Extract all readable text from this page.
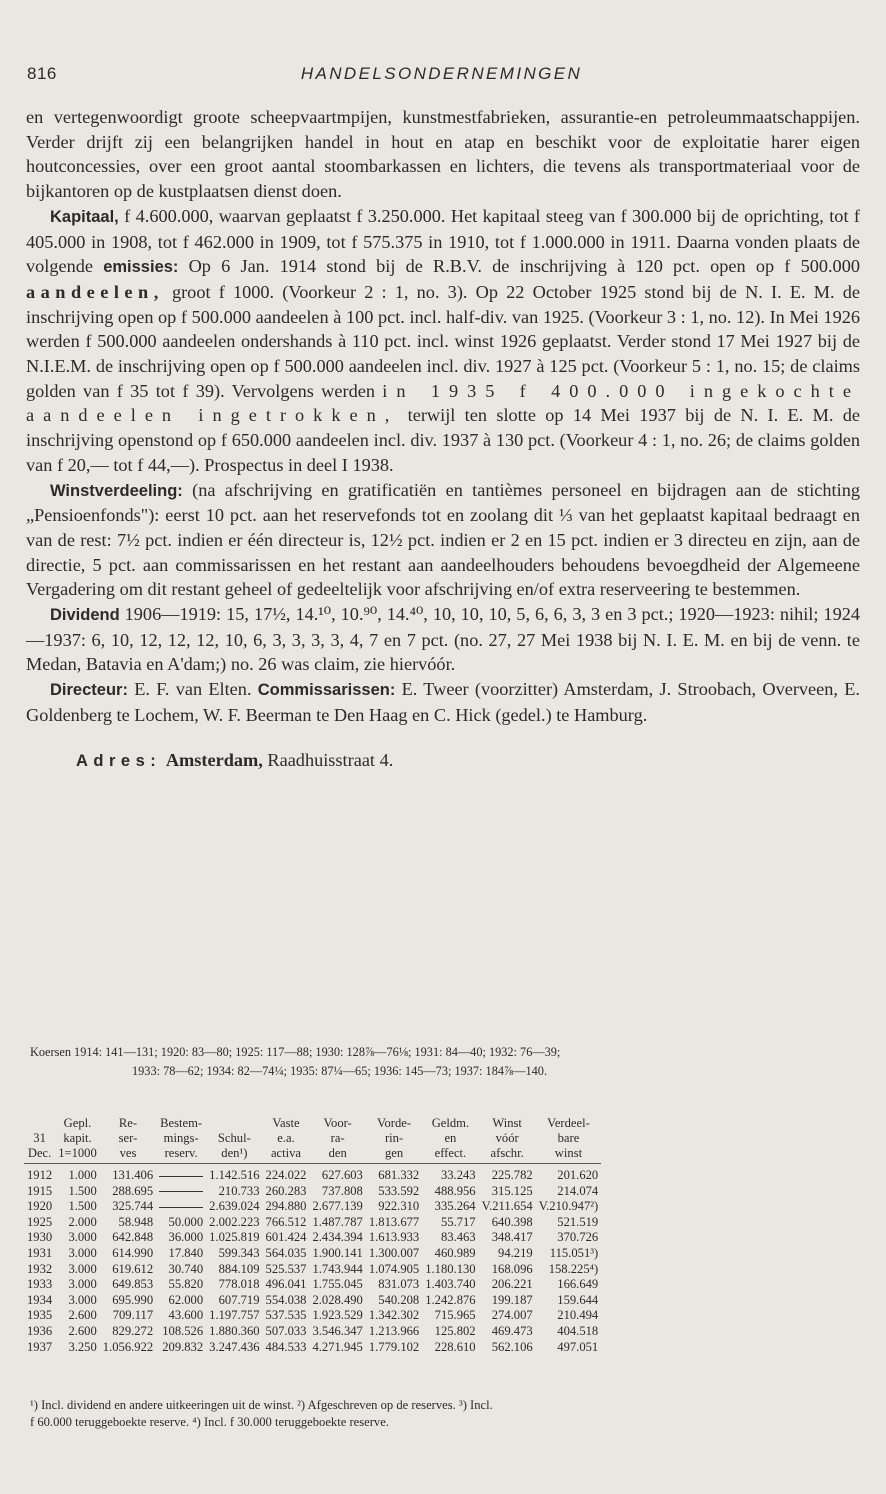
816	HANDELSONDERNEMINGEN

en vertegenwoordigt groote scheepvaartmpijen, kunstmestfabrieken, assurantie-en petroleummaatschappijen. Verder drijft zij een belangrijken handel in hout en atap en beschikt voor de exploitatie harer eigen houtconcessies, over een groot aantal stoombarkassen en lichters, die tevens als transportmateriaal voor de bijkantoren op de kustplaatsen dienst doen.

Kapitaal, f 4.600.000, waarvan geplaatst f 3.250.000. Het kapitaal steeg van f 300.000 bij de oprichting, tot f 405.000 in 1908, tot f 462.000 in 1909, tot f 575.375 in 1910, tot f 1.000.000 in 1911. Daarna vonden plaats de volgende emissies: Op 6 Jan. 1914 stond bij de R.B.V. de inschrijving à 120 pct. open op f 500.000 aandeelen, groot f 1000. (Voorkeur 2 : 1, no. 3). Op 22 October 1925 stond bij de N. I. E. M. de inschrijving open op f 500.000 aandeelen à 100 pct. incl. half-div. van 1925. (Voorkeur 3 : 1, no. 12). In Mei 1926 werden f 500.000 aandeelen ondershands à 110 pct. incl. winst 1926 geplaatst. Verder stond 17 Mei 1927 bij de N.I.E.M. de inschrijving open op f 500.000 aandeelen incl. div. 1927 à 125 pct. (Voorkeur 5 : 1, no. 15; de claims golden van f 35 tot f 39). Vervolgens werden in 1935 f 400.000 ingekochte aandeelen ingetrokken, terwijl ten slotte op 14 Mei 1937 bij de N. I. E. M. de inschrijving openstond op f 650.000 aandeelen incl. div. 1937 à 130 pct. (Voorkeur 4 : 1, no. 26; de claims golden van f 20,— tot f 44,—). Prospectus in deel I 1938.

Winstverdeeling: (na afschrijving en gratificatiën en tantièmes personeel en bijdragen aan de stichting „Pensioenfonds"): eerst 10 pct. aan het reservefonds tot en zoolang dit ⅓ van het geplaatst kapitaal bedraagt en van de rest: 7½ pct. indien er één directeur is, 12½ pct. indien er 2 en 15 pct. indien er 3 directeu en zijn, aan de directie, 5 pct. aan commissarissen en het restant aan aandeelhouders behoudens bevoegdheid der Algemeene Vergadering om dit restant geheel of gedeeltelijk voor afschrijving en/of extra reserveering te bestemmen.

Dividend 1906—1919: 15, 17½, 14.¹⁰, 10.⁹⁰, 14.⁴⁰, 10, 10, 10, 5, 6, 6, 3, 3 en 3 pct.; 1920—1923: nihil; 1924—1937: 6, 10, 12, 12, 12, 10, 6, 3, 3, 3, 3, 4, 7 en 7 pct. (no. 27, 27 Mei 1938 bij N. I. E. M. en bij de venn. te Medan, Batavia en A'dam;) no. 26 was claim, zie hiervóór.

Directeur: E. F. van Elten. Commissarissen: E. Tweer (voorzitter) Amsterdam, J. Stroobach, Overveen, E. Goldenberg te Lochem, W. F. Beerman te Den Haag en C. Hick (gedel.) te Hamburg.

Adres: Amsterdam, Raadhuisstraat 4.

Koersen 1914: 141—131; 1920: 83—80; 1925: 117—88; 1930: 128⅞—76⅛; 1931: 84—40; 1932: 76—39;
1933: 78—62; 1934: 82—74¼; 1935: 87¼—65; 1936: 145—73; 1937: 184⅞—140.
	Gepl.	Re-	Bestem-		Vaste	Voor-	Vorde-	Geldm.	Winst	Verdeel-
31	kapit.	ser-	mings-	Schul-	e.a.	ra-	rin-	en	vóór	bare
Dec.	1=1000	ves	reserv.	den¹)	activa	den	gen	effect.	afschr.	winst
1912	1.000	131.406		1.142.516	224.022	627.603	681.332	33.243	225.782	201.620
1915	1.500	288.695		210.733	260.283	737.808	533.592	488.956	315.125	214.074
1920	1.500	325.744		2.639.024	294.880	2.677.139	922.310	335.264	V.211.654	V.210.947²)
1925	2.000	58.948	50.000	2.002.223	766.512	1.487.787	1.813.677	55.717	640.398	521.519
1930	3.000	642.848	36.000	1.025.819	601.424	2.434.394	1.613.933	83.463	348.417	370.726
1931	3.000	614.990	17.840	599.343	564.035	1.900.141	1.300.007	460.989	94.219	115.051³)
1932	3.000	619.612	30.740	884.109	525.537	1.743.944	1.074.905	1.180.130	168.096	158.225⁴)
1933	3.000	649.853	55.820	778.018	496.041	1.755.045	831.073	1.403.740	206.221	166.649
1934	3.000	695.990	62.000	607.719	554.038	2.028.490	540.208	1.242.876	199.187	159.644
1935	2.600	709.117	43.600	1.197.757	537.535	1.923.529	1.342.302	715.965	274.007	210.494
1936	2.600	829.272	108.526	1.880.360	507.033	3.546.347	1.213.966	125.802	469.473	404.518
1937	3.250	1.056.922	209.832	3.247.436	484.533	4.271.945	1.779.102	228.610	562.106	497.051
¹) Incl. dividend en andere uitkeeringen uit de winst. ²) Afgeschreven op de reserves. ³) Incl.
f 60.000 teruggeboekte reserve. ⁴) Incl. f 30.000 teruggeboekte reserve.
